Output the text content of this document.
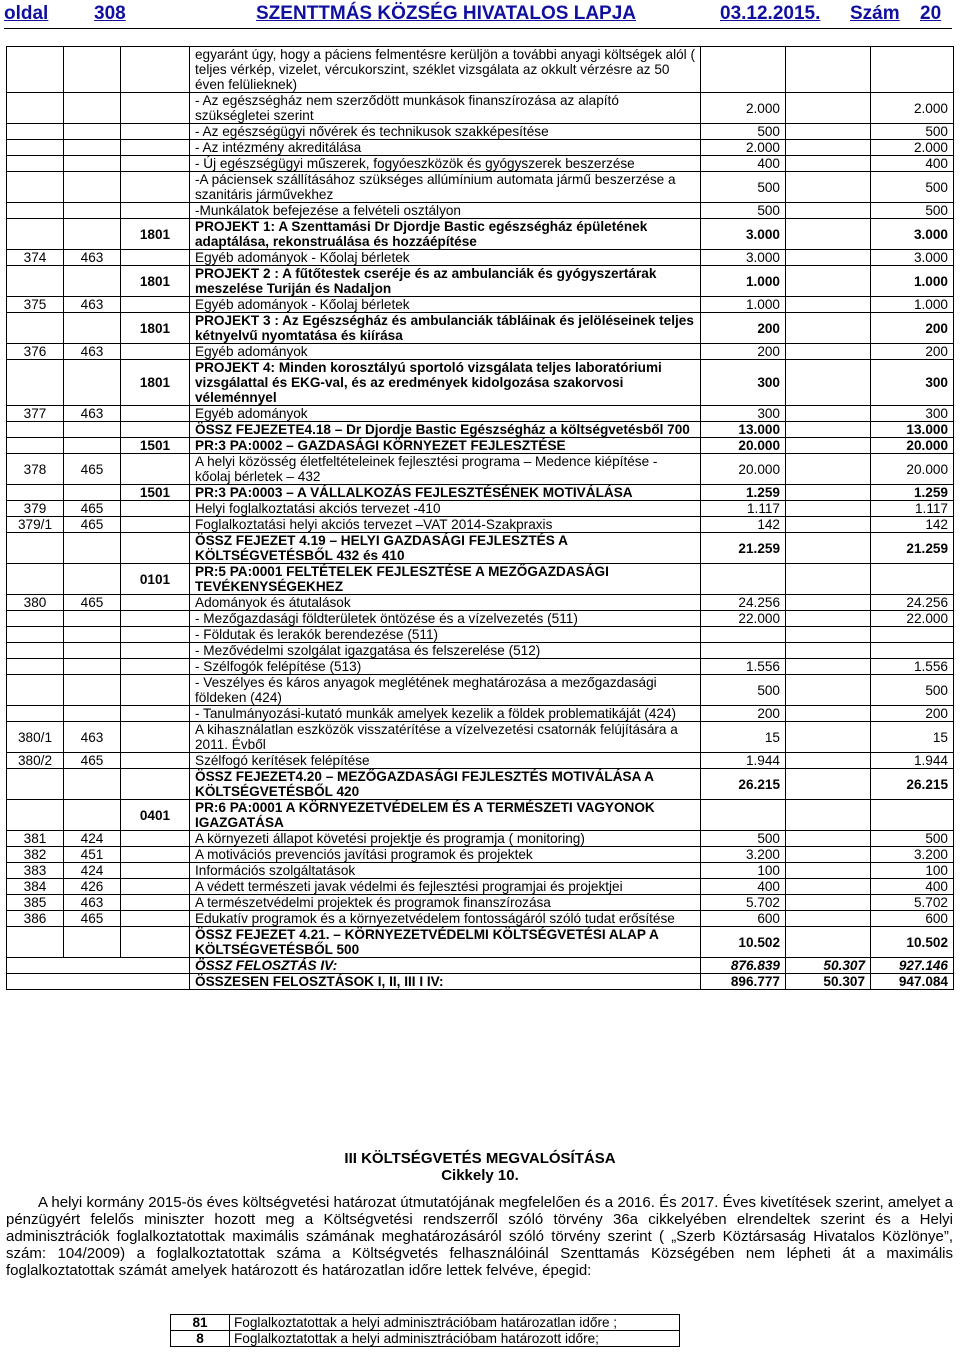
oldal 308	SZENTTMÁS KÖZSÉG HIVATALOS LAPJA	03.12.2015. Szám 20
			egyaránt úgy, hogy a páciens felmentésre kerüljön a további anyagi költségek alól ( teljes vérkép, vizelet, vércukorszint, széklet vizsgálata az okkult vérzésre az 50 éven felülieknek)			
			- Az egészségház nem szerződött munkások finanszírozása az alapító szükségletei szerint	2.000		2.000
			- Az egészségügyi nővérek és technikusok szakképesítése	500		500
			- Az intézmény akreditálása	2.000		2.000
			- Új egészségügyi műszerek, fogyóeszközök és gyógyszerek beszerzése	400		400
			-A páciensek szállításához szükséges allúmínium automata jármű beszerzése a szanitáris járművekhez	500		500
			-Munkálatok befejezése a felvételi osztályon	500		500
		1801	PROJEKT 1: A Szenttamási Dr Djordje Bastic egészségház épületének adaptálása, rekonstruálása és hozzáépítése	3.000		3.000
374	463		Egyéb adományok - Kőolaj bérletek	3.000		3.000
		1801	PROJEKT 2 : A fűtőtestek cseréje és az ambulanciák és gyógyszertárak meszelése Turiján és Nadaljon	1.000		1.000
375	463		Egyéb adományok - Kőolaj bérletek	1.000		1.000
		1801	PROJEKT 3 : Az Egészségház és ambulanciák tábláinak és jelöléseinek teljes kétnyelvű nyomtatása és kiírása	200		200
376	463		Egyéb adományok	200		200
		1801	PROJEKT 4: Minden korosztályú sportoló vizsgálata teljes laboratóriumi vizsgálattal és EKG-val, és az eredmények kidolgozása szakorvosi véleménnyel	300		300
377	463		Egyéb adományok	300		300
			ÖSSZ FEJEZETE4.18 – Dr Djordje Bastic Egészségház a költségvetésből 700	13.000		13.000
		1501	PR:3 PA:0002 – GAZDASÁGI KÖRNYEZET FEJLESZTÉSE	20.000		20.000
378	465		A helyi közösség életfeltételeinek fejlesztési programa – Medence kiépítése - kőolaj bérletek – 432	20.000		20.000
		1501	PR:3 PA:0003 – A VÁLLALKOZÁS FEJLESZTÉSÉNEK MOTIVÁLÁSA	1.259		1.259
379	465		Helyi foglalkoztatási akciós tervezet -410	1.117		1.117
379/1	465		Foglalkoztatási helyi akciós tervezet –VAT 2014-Szakpraxis	142		142
			ÖSSZ FEJEZET 4.19 – HELYI GAZDASÁGI FEJLESZTÉS A KÖLTSÉGVETÉSBŐL 432 és 410	21.259		21.259
		0101	PR:5 PA:0001 FELTÉTELEK FEJLESZTÉSE A MEZŐGAZDASÁGI TEVÉKENYSÉGEKHEZ			
380	465		Adományok és átutalások	24.256		24.256
			- Mezőgazdasági földterületek öntözése és a vízelvezetés (511)	22.000		22.000
			- Földutak és lerakók berendezése (511)			
			- Mezővédelmi szolgálat igazgatása és felszerelése (512)			
			- Szélfogók felépítése (513)	1.556		1.556
			- Veszélyes és káros anyagok meglétének meghatározása a mezőgazdasági földeken (424)	500		500
			- Tanulmányozási-kutató munkák amelyek kezelik a földek problematikáját (424)	200		200
380/1	463		A kihasználatlan eszközök visszatérítése a vízelvezetési csatornák felújítására a 2011. Évből	15		15
380/2	465		Szélfogó kerítések felépítése	1.944		1.944
			ÖSSZ FEJEZET4.20 – MEZŐGAZDASÁGI FEJLESZTÉS MOTIVÁLÁSA A KÖLTSÉGVETÉSBŐL 420	26.215		26.215
		0401	PR:6 PA:0001 A KÖRNYEZETVÉDELEM ÉS A TERMÉSZETI VAGYONOK IGAZGATÁSA			
381	424		A környezeti állapot követési projektje és programja ( monitoring)	500		500
382	451		A motivációs prevenciós javítási programok és projektek	3.200		3.200
383	424		Információs szolgáltatások	100		100
384	426		A védett természeti javak védelmi és fejlesztési programjai és projektjei	400		400
385	463		A természetvédelmi projektek és programok finanszírozása	5.702		5.702
386	465		Edukatív programok és a környezetvédelem fontosságáról szóló tudat erősítése	600		600
			ÖSSZ FEJEZET 4.21. – KÖRNYEZETVÉDELMI KÖLTSÉGVETÉSI ALAP A KÖLTSÉGVETÉSBŐL 500	10.502		10.502
			ÖSSZ FELOSZTÁS IV:	876.839	50.307	927.146
			ÖSSZESEN FELOSZTÁSOK I, II, III I IV:	896.777	50.307	947.084
III KÖLTSÉGVETÉS MEGVALÓSÍTÁSA
Cikkely 10.

A helyi kormány 2015-ös éves költségvetési határozat útmutatójának megfelelően és a 2016. És 2017. Éves kivetítések szerint, amelyet a pénzügyért felelős miniszter hozott meg a Költségvetési rendszerről szóló törvény 36a cikkelyében elrendeltek szerint és a Helyi adminisztrációk foglalkoztatottak maximális számának meghatározásáról szóló törvény szerint ( „Szerb Köztársaság Hivatalos Közlönye”, szám: 104/2009) a foglalkoztatottak száma a Költségvetés felhasználóinál Szenttamás Községében nem lépheti át a maximális foglalkoztatottak számát amelyek határozott és határozatlan időre lettek felvéve, épegid:

81	Foglalkoztatottak a helyi adminisztrációbam határozatlan időre ;
8	Foglalkoztatottak a helyi adminisztrációbam határozott időre;
